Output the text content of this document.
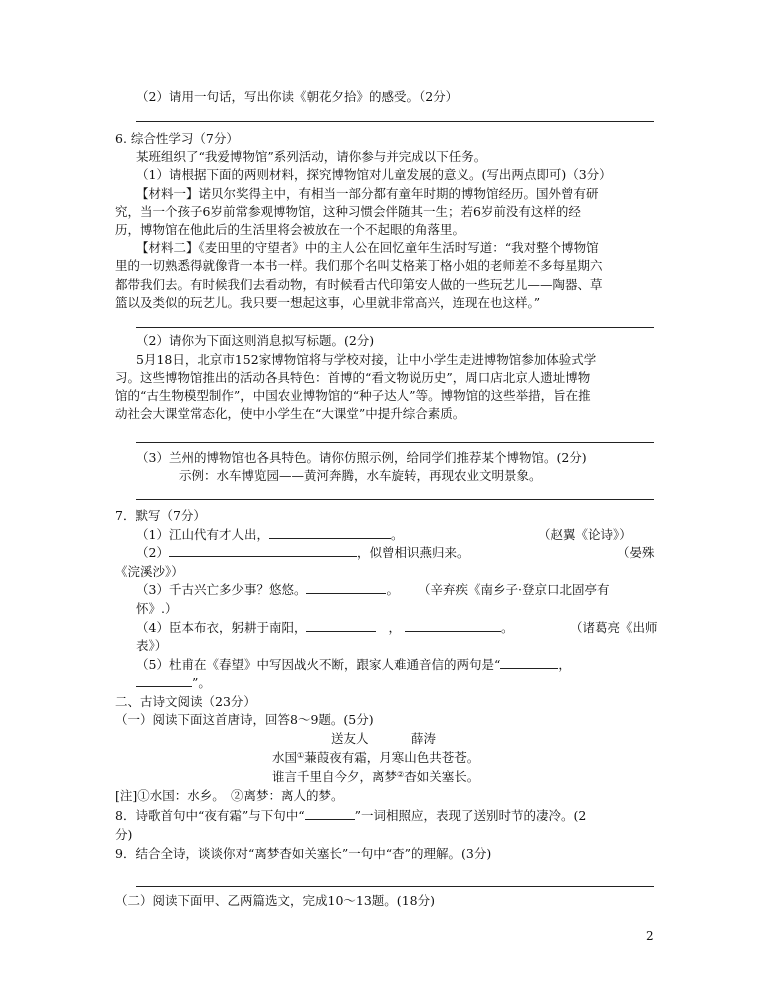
（2）请用一句话，写出你读《朝花夕拾》的感受。（2分）
6. 综合性学习（7分）
某班组织了“我爱博物馆”系列活动，请你参与并完成以下任务。
（1）请根据下面的两则材料，探究博物馆对儿童发展的意义。(写出两点即可)（3分）
【材料一】诺贝尔奖得主中，有相当一部分都有童年时期的博物馆经历。国外曾有研
究，当一个孩子6岁前常参观博物馆，这种习惯会伴随其一生；若6岁前没有这样的经
历，博物馆在他此后的生活里将会被放在一个不起眼的角落里。
【材料二】《麦田里的守望者》中的主人公在回忆童年生活时写道：“我对整个博物馆
里的一切熟悉得就像背一本书一样。我们那个名叫艾格莱丁格小姐的老师差不多每星期六
都带我们去。有时候我们去看动物，有时候看古代印第安人做的一些玩艺儿——陶器、草
篮以及类似的玩艺儿。我只要一想起这事，心里就非常高兴，连现在也这样。”
（2）请你为下面这则消息拟写标题。(2分)
5月18日，北京市152家博物馆将与学校对接，让中小学生走进博物馆参加体验式学
习。这些博物馆推出的活动各具特色：首博的“看文物说历史”，周口店北京人遗址博物
馆的“古生物模型制作”，中国农业博物馆的“种子达人”等。博物馆的这些举措，旨在推
动社会大课堂常态化，使中小学生在“大课堂”中提升综合素质。
（3）兰州的博物馆也各具特色。请你仿照示例，给同学们推荐某个博物馆。(2分)
示例：水车博览园——黄河奔腾，水车旋转，再现农业文明景象。
7．默写（7分）
（1）江山代有才人出，	。	（赵翼《论诗》）
（2）	，似曾相识燕归来。	（晏殊
《浣溪沙》）
（3）千古兴亡多少事？悠悠。	。 （辛弃疾《南乡子·登京口北固亭有
怀》.）
（4）臣本布衣，躬耕于南阳，	，	。	（诸葛亮《出师
表》）
（5）杜甫在《春望》中写因战火不断，跟家人难通音信的两句是“	，
”。
二、古诗文阅读（23分）
（一）阅读下面这首唐诗，回答8～9题。(5分)
送友人	薛涛
水国①蒹葭夜有霜，月寒山色共苍苍。
谁言千里自今夕，离梦②杳如关塞长。
[注]①水国：水乡。　②离梦：离人的梦。
8．诗歌首句中“夜有霜”与下句中“	”一词相照应，表现了送别时节的凄冷。(2
分)
9．结合全诗，谈谈你对“离梦杳如关塞长”一句中“杳”的理解。(3分)
（二）阅读下面甲、乙两篇选文，完成10～13题。(18分)
2
